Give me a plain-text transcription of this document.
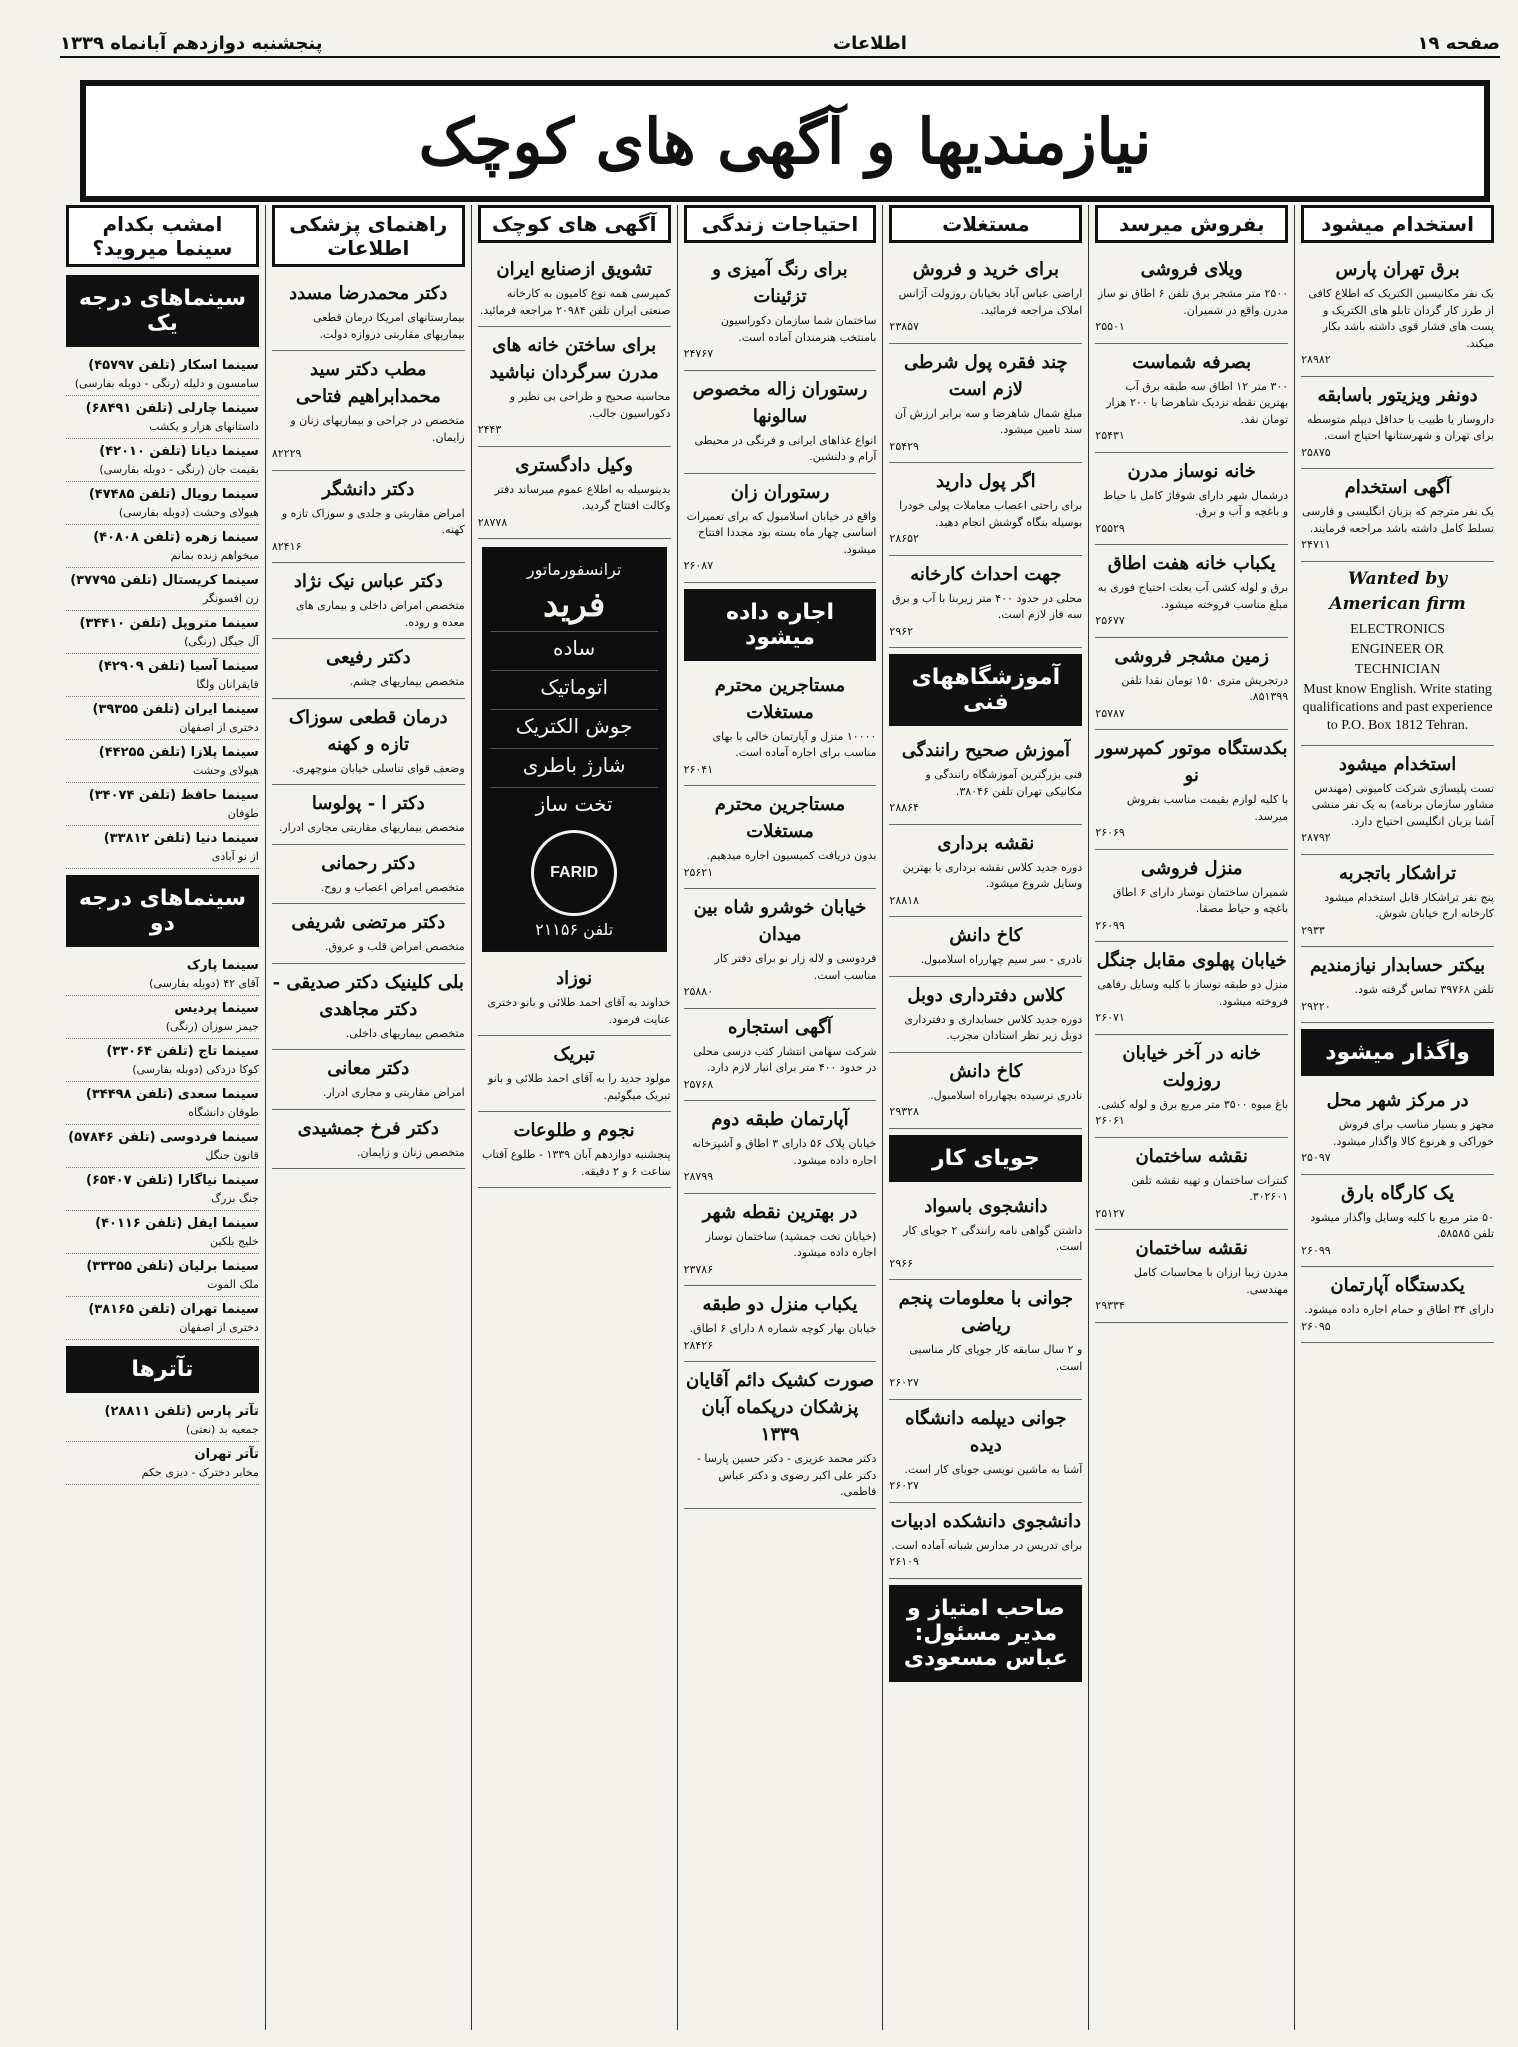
صفحه ۱۹
اطلاعات
پنجشنبه دوازدهم آبانماه ۱۳۳۹
نیازمندیها و آگهی های کوچک
استخدام میشود
برق تهران پارس
یک نفر مکانیسین الکتریک که اطلاع کافی از طرز کار گردان تابلو های الکتریک و پست های فشار قوی داشته باشد بکار میکند.
۲۸۹۸۲
دونفر ویزیتور باسابقه
داروساز یا طبیب با حداقل دیپلم متوسطه برای تهران و شهرستانها احتیاج است.
۲۵۸۷۵
آگهی استخدام
یک نفر مترجم که بزبان انگلیسی و فارسی تسلط کامل داشته باشد مراجعه فرمایند.
۲۴۷۱۱
Wanted by American firm

ELECTRONICS

ENGINEER OR

TECHNICIAN

Must know English. Write stating qualifications and past experience to P.O. Box 1812 Tehran.

استخدام میشود
تست پلیساژی شرکت کامیونی (مهندس مشاور سازمان برنامه) به یک نفر منشی آشنا بزبان انگلیسی احتیاج دارد.
۲۸۷۹۲
تراشکار باتجربه
پنج نفر تراشکار قابل استخدام میشود کارخانه ارج خیابان شوش.
۲۹۳۳
بیکتر حسابدار نیازمندیم
تلفن ۳۹۷۶۸ تماس گرفته شود.
۲۹۲۲۰
واگذار میشود
در مرکز شهر محل
مجهز و بسیار مناسب برای فروش خوراکی و هرنوع کالا واگذار میشود.
۲۵۰۹۷
یک کارگاه بارق
۵۰ متر مربع با کلیه وسایل واگذار میشود تلفن ۵۸۵۸۵.
۲۶۰۹۹
یکدستگاه آپارتمان
دارای ۳۴ اطاق و حمام اجاره داده میشود.
۲۶۰۹۵
بفروش میرسد
ویلای فروشی
۲۵۰۰ متر مشجر برق تلفن ۶ اطاق نو ساز مدرن واقع در شمیران.
۲۵۵۰۱
بصرفه شماست
۳۰۰ متر ۱۲ اطاق سه طبقه برق آب بهترین نقطه نزدیک شاهرضا با ۲۰۰ هزار تومان نقد.
۲۵۴۳۱
خانه نوساز مدرن
درشمال شهر دارای شوفاژ کامل با حیاط و باغچه و آب و برق.
۲۵۵۲۹
یکباب خانه هفت اطاق
برق و لوله کشی آب بعلت احتیاج فوری به مبلغ مناسب فروخته میشود.
۲۵۶۷۷
زمین مشجر فروشی
درتجریش متری ۱۵۰ تومان نقدا تلفن ۸۵۱۳۹۹.
۲۵۷۸۷
بکدستگاه موتور کمپرسور نو
با کلیه لوازم بقیمت مناسب بفروش میرسد.
۲۶۰۶۹
منزل فروشی
شمیران ساختمان نوساز دارای ۶ اطاق باغچه و حیاط مصفا.
۲۶۰۹۹
خیابان پهلوی مقابل جنگل
منزل دو طبقه نوساز با کلیه وسایل رفاهی فروخته میشود.
۲۶۰۷۱
خانه در آخر خیابان روزولت
باغ میوه ۳۵۰۰ متر مربع برق و لوله کشی.
۲۶۰۶۱
نقشه ساختمان
کنترات ساختمان و تهیه نقشه تلفن ۳۰۲۶۰۱.
۲۵۱۲۷
نقشه ساختمان
مدرن زیبا ارزان با محاسبات کامل مهندسی.
۲۹۳۳۴
مستغلات
برای خرید و فروش
اراضی عباس آباد بخیابان روزولت آژانس املاک مراجعه فرمائید.
۲۳۸۵۷
چند فقره پول شرطی لازم است
مبلغ شمال شاهرضا و سه برابر ارزش آن سند تامین میشود.
۲۵۴۲۹
اگر پول دارید
برای راحتی اعصاب معاملات پولی خودرا بوسیله بنگاه گوشش انجام دهید.
۲۸۶۵۲
جهت احداث کارخانه
محلی در حدود ۴۰۰ متر زیربنا با آب و برق سه فاز لازم است.
۲۹۶۲
آموزشگاههای فنی
آموزش صحیح رانندگی
فنی بزرگترین آموزشگاه رانندگی و مکانیکی تهران تلفن ۳۸۰۴۶.
۲۸۸۶۴
نقشه برداری
دوره جدید کلاس نقشه برداری با بهترین وسایل شروع میشود.
۲۸۸۱۸
کاخ دانش
نادری - سر سیم چهارراه اسلامبول.
کلاس دفترداری دوبل
دوره جدید کلاس حسابداری و دفترداری دوبل زیر نظر استادان مجرب.
کاخ دانش
نادری نرسیده بچهارراه اسلامبول.
۲۹۳۲۸
جویای کار
دانشجوی باسواد
داشتن گواهی نامه رانندگی ۲ جویای کار است.
۲۹۶۶
جوانی با معلومات پنجم ریاضی
و ۲ سال سابقه کار جویای کار مناسبی است.
۲۶۰۲۷
جوانی دیپلمه دانشگاه دیده
آشنا به ماشین نویسی جویای کار است.
۲۶۰۲۷
دانشجوی دانشکده ادبیات
برای تدریس در مدارس شبانه آماده است.
۲۶۱۰۹
صاحب امتیاز و مدیر مسئول: عباس مسعودی
احتیاجات زندگی
برای رنگ آمیزی و تزئینات
ساختمان شما سازمان دکوراسیون بامنتخب هنرمندان آماده است.
۲۴۷۶۷
رستوران زاله مخصوص سالونها
انواع غذاهای ایرانی و فرنگی در محیطی آرام و دلنشین.
رستوران زان
واقع در خیابان اسلامبول که برای تعمیرات اساسی چهار ماه بسته بود مجددا افتتاح میشود.
۲۶۰۸۷
اجاره داده میشود
مستاجرین محترم مستغلات
۱۰۰۰۰ منزل و آپارتمان خالی با بهای مناسب برای اجاره آماده است.
۲۶۰۴۱
مستاجرین محترم مستغلات
بدون دریافت کمیسیون اجاره میدهیم.
۲۵۶۲۱
خیابان خوشرو شاه بین میدان
فردوسی و لاله زار نو برای دفتر کار مناسب است.
۲۵۸۸۰
آگهی استجاره
شرکت سهامی انتشار کتب درسی محلی در حدود ۴۰۰ متر برای انبار لازم دارد.
۲۵۷۶۸
آپارتمان طبقه دوم
خیابان پلاک ۵۶ دارای ۳ اطاق و آشپزخانه اجاره داده میشود.
۲۸۷۹۹
در بهترین نقطه شهر
(خیابان تخت جمشید) ساختمان نوساز اجاره داده میشود.
۲۳۷۸۶
یکباب منزل دو طبقه
خیابان بهار کوچه شماره ۸ دارای ۶ اطاق.
۲۸۴۲۶
صورت کشیک دائم آقایان پزشکان درپکماه آبان ۱۳۳۹
دکتر محمد عزیزی - دکتر حسین پارسا - دکتر علی اکبر رضوی و دکتر عباس فاطمی.
آگهی های کوچک
تشویق ازصنایع ایران
کمپرسی همه نوع کامیون به کارخانه صنعتی ایران تلفن ۲۰۹۸۴ مراجعه فرمائید.
برای ساختن خانه های مدرن سرگردان نباشید
محاسبه صحیح و طراحی بی نظیر و دکوراسیون جالب.
۲۴۴۳
وکیل دادگستری
بدینوسیله به اطلاع عموم میرساند دفتر وکالت افتتاح گردید.
۲۸۷۷۸
ترانسفورماتور
فرید
ساده
اتوماتیک
جوش الکتریک
شارژ باطری
تخت ساز
FARID
تلفن ۲۱۱۵۶
نوزاد
خداوند به آقای احمد طلائی و بانو دختری عنایت فرمود.
تبریک
مولود جدید را به آقای احمد طلائی و بانو تبریک میگوئیم.
نجوم و طلوعات
پنجشنبه دوازدهم آبان ۱۳۳۹ - طلوع آفتاب ساعت ۶ و ۲ دقیقه.
راهنمای پزشکی اطلاعات
دکتر محمدرضا مسدد
بیمارستانهای امریکا درمان قطعی بیماریهای مقاربتی دروازه دولت.
مطب دکتر سید محمدابراهیم فتاحی
متخصص در جراحی و بیماریهای زنان و زایمان.
۸۲۲۲۹
دکتر دانشگر
امراض مقاربتی و جلدی و سوزاک تازه و کهنه.
۸۲۴۱۶
دکتر عباس نیک نژاد
متخصص امراض داخلی و بیماری های معده و روده.
دکتر رفیعی
متخصص بیماریهای چشم.
درمان قطعی سوزاک تازه و کهنه
وضعف قوای تناسلی خیابان منوچهری.
دکتر ا - پولوسا
متخصص بیماریهای مقاربتی مجاری ادرار.
دکتر رحمانی
متخصص امراض اعصاب و روح.
دکتر مرتضی شریفی
متخصص امراض قلب و عروق.
بلی کلینیک دکتر صدیقی - دکتر مجاهدی
متخصص بیماریهای داخلی.
دکتر معانی
امراض مقاربتی و مجاری ادرار.
دکتر فرخ جمشیدی
متخصص زنان و زایمان.
امشب بکدام سینما میروید؟
سینماهای درجه یک
سینما اسکار (تلفن ۴۵۷۹۷)
سامسون و دلیله (رنگی - دوبله بفارسی)
سینما چارلی (تلفن ۶۸۴۹۱)
داستانهای هزار و یکشب
سینما دیانا (تلفن ۴۲۰۱۰)
بقیمت جان (رنگی - دوبله بفارسی)
سینما رویال (تلفن ۴۷۴۸۵)
هیولای وحشت (دوبله بفارسی)
سینما زهره (تلفن ۴۰۸۰۸)
میخواهم زنده بمانم
سینما کریستال (تلفن ۳۷۷۹۵)
زن افسونگر
سینما متروپل (تلفن ۳۴۴۱۰)
آل جیگل (رنگی)
سینما آسیا (تلفن ۴۲۹۰۹)
قایقرانان ولگا
سینما ایران (تلفن ۳۹۳۵۵)
دختری از اصفهان
سینما پلازا (تلفن ۴۴۲۵۵)
هیولای وحشت
سینما حافظ (تلفن ۳۴۰۷۴)
طوفان
سینما دنیا (تلفن ۳۳۸۱۲)
از نو آبادی
سینماهای درجه دو
سینما پارک
آقای ۴۲ (دوبله بفارسی)
سینما پردیس
جیمز سوزان (رنگی)
سینما تاج (تلفن ۳۳۰۶۴)
کوکا دزدکی (دوبله بفارسی)
سینما سعدی (تلفن ۳۴۴۹۸)
طوفان دانشگاه
سینما فردوسی (تلفن ۵۷۸۴۶)
قانون جنگل
سینما نیاگارا (تلفن ۶۵۴۰۷)
جنگ بزرگ
سینما ایفل (تلفن ۴۰۱۱۶)
خلیج بلکین
سینما برلیان (تلفن ۳۳۳۵۵)
ملک الموت
سینما تهران (تلفن ۳۸۱۶۵)
دختری از اصفهان
تآترها
تآتر پارس (تلفن ۲۸۸۱۱)
جمعیه بد (نعتی)
تآتر تهران
مخابر دخترک - دیزی حکم
